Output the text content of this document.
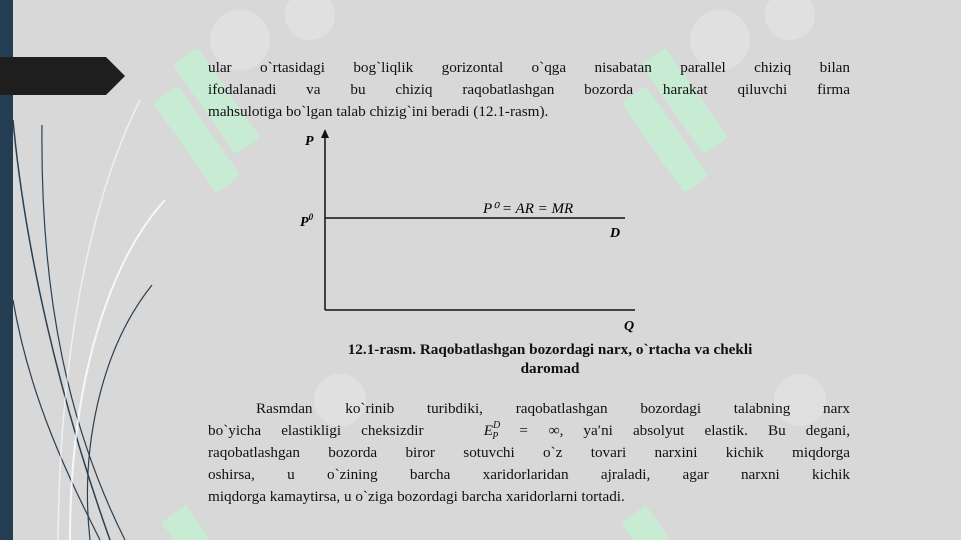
ular o`rtasidagi bog`liqlik gorizontal o`qga nisabatan parallel chiziq bilan
ifodalanadi va bu chiziq raqobatlashgan bozorda harakat qiluvchi firma
mahsulotiga bo`lgan talab chizig`ini beradi (12.1-rasm).
P
Q
$P^0$	P⁰ = AR = MR
D
12.1-rasm. Raqobatlashgan bozordagi narx, o`rtacha va chekli
daromad
Rasmdan ko`rinib turibdiki, raqobatlashgan bozordagi talabning narx
bo`yicha elastikligi cheksizdir	$E^D_P$ = ∞, ya′ni absolyut elastik. Bu degani,
raqobatlashgan bozorda biror sotuvchi o`z tovari narxini kichik miqdorga
oshirsa, u o`zining barcha xaridorlaridan ajraladi, agar narxni kichik
miqdorga kamaytirsa, u o`ziga bozordagi barcha xaridorlarni tortadi.
